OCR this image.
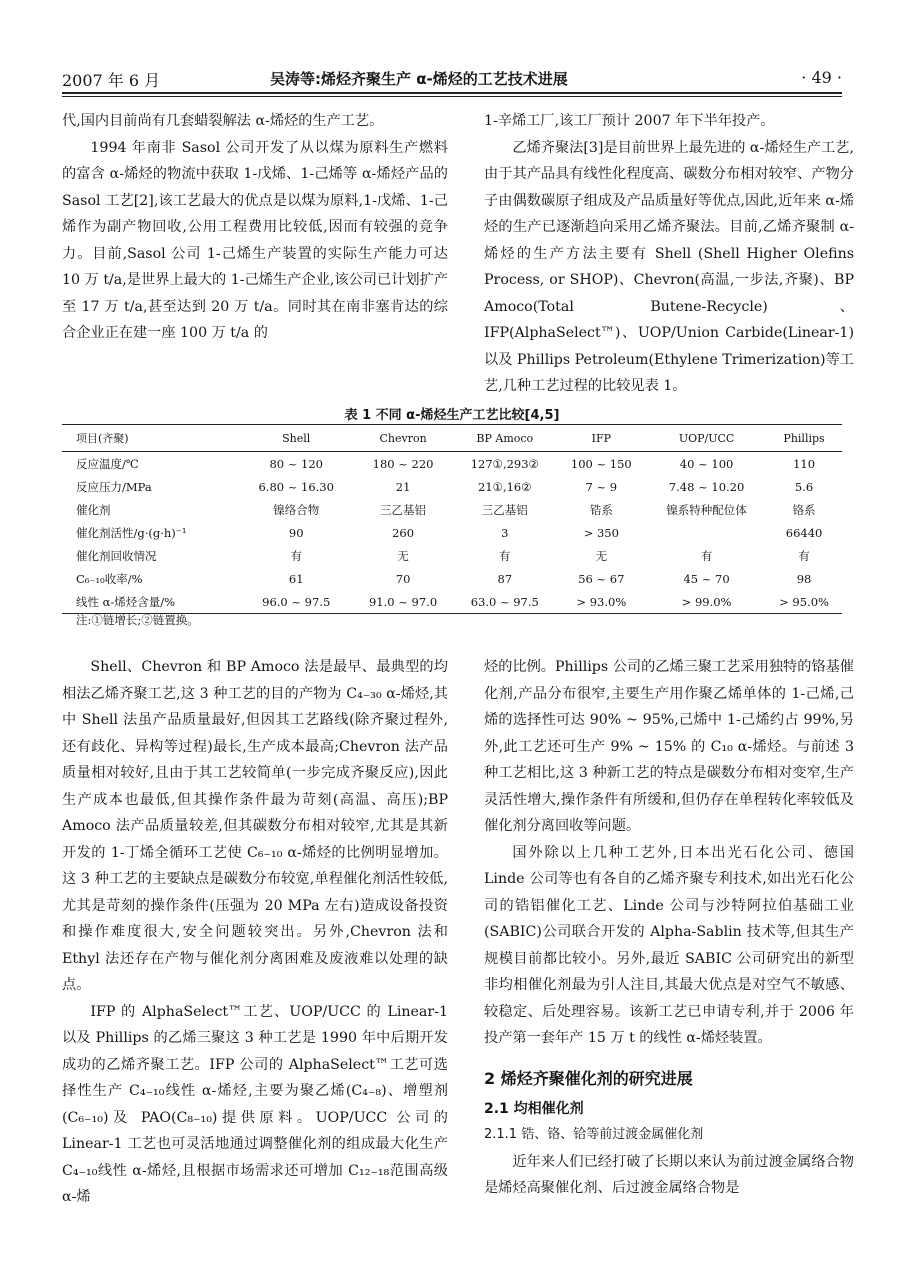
2007 年 6 月	吴涛等:烯烃齐聚生产 α-烯烃的工艺技术进展	· 49 ·

代,国内目前尚有几套蜡裂解法 α-烯烃的生产工艺。

1994 年南非 Sasol 公司开发了从以煤为原料生产燃料的富含 α-烯烃的物流中获取 1-戊烯、1-己烯等 α-烯烃产品的 Sasol 工艺[2],该工艺最大的优点是以煤为原料,1-戊烯、1-己烯作为副产物回收,公用工程费用比较低,因而有较强的竞争力。目前,Sasol 公司 1-己烯生产装置的实际生产能力可达 10 万 t/a,是世界上最大的 1-己烯生产企业,该公司已计划扩产至 17 万 t/a,甚至达到 20 万 t/a。同时其在南非塞肯达的综合企业正在建一座 100 万 t/a 的

1-辛烯工厂,该工厂预计 2007 年下半年投产。

乙烯齐聚法[3]是目前世界上最先进的 α-烯烃生产工艺,由于其产品具有线性化程度高、碳数分布相对较窄、产物分子由偶数碳原子组成及产品质量好等优点,因此,近年来 α-烯烃的生产已逐渐趋向采用乙烯齐聚法。目前,乙烯齐聚制 α-烯烃的生产方法主要有 Shell (Shell Higher Olefins Process, or SHOP)、Chevron(高温,一步法,齐聚)、BP Amoco(Total Butene-Recycle)、IFP(AlphaSelect™)、UOP/Union Carbide(Linear-1)以及 Phillips Petroleum(Ethylene Trimerization)等工艺,几种工艺过程的比较见表 1。

表 1 不同 α-烯烃生产工艺比较[4,5]
项目(齐聚)	Shell	Chevron	BP Amoco	IFP	UOP/UCC	Phillips
反应温度/℃	80 ~ 120	180 ~ 220	127①,293②	100 ~ 150	40 ~ 100	110
反应压力/MPa	6.80 ~ 16.30	21	21①,16②	7 ~ 9	7.48 ~ 10.20	5.6
催化剂	镍络合物	三乙基铝	三乙基铝	锆系	镍系特种配位体	铬系
催化剂活性/g·(g·h)⁻¹	90	260	3	> 350		66440
催化剂回收情况	有	无	有	无	有	有
C₆₋₁₀收率/%	61	70	87	56 ~ 67	45 ~ 70	98
线性 α-烯烃含量/%	96.0 ~ 97.5	91.0 ~ 97.0	63.0 ~ 97.5	> 93.0%	> 99.0%	> 95.0%
注:①链增长;②链置换。

Shell、Chevron 和 BP Amoco 法是最早、最典型的均相法乙烯齐聚工艺,这 3 种工艺的目的产物为 C₄₋₃₀ α-烯烃,其中 Shell 法虽产品质量最好,但因其工艺路线(除齐聚过程外,还有歧化、异构等过程)最长,生产成本最高;Chevron 法产品质量相对较好,且由于其工艺较简单(一步完成齐聚反应),因此生产成本也最低,但其操作条件最为苛刻(高温、高压);BP Amoco 法产品质量较差,但其碳数分布相对较窄,尤其是其新开发的 1-丁烯全循环工艺使 C₆₋₁₀ α-烯烃的比例明显增加。这 3 种工艺的主要缺点是碳数分布较宽,单程催化剂活性较低,尤其是苛刻的操作条件(压强为 20 MPa 左右)造成设备投资和操作难度很大,安全问题较突出。另外,Chevron 法和 Ethyl 法还存在产物与催化剂分离困难及废液难以处理的缺点。

IFP 的 AlphaSelect™工艺、UOP/UCC 的 Linear-1 以及 Phillips 的乙烯三聚这 3 种工艺是 1990 年中后期开发成功的乙烯齐聚工艺。IFP 公司的 AlphaSelect™工艺可选择性生产 C₄₋₁₀线性 α-烯烃,主要为聚乙烯(C₄₋₈)、增塑剂(C₆₋₁₀)及 PAO(C₈₋₁₀)提供原料。UOP/UCC 公司的 Linear-1 工艺也可灵活地通过调整催化剂的组成最大化生产 C₄₋₁₀线性 α-烯烃,且根据市场需求还可增加 C₁₂₋₁₈范围高级 α-烯

烃的比例。Phillips 公司的乙烯三聚工艺采用独特的铬基催化剂,产品分布很窄,主要生产用作聚乙烯单体的 1-己烯,己烯的选择性可达 90% ~ 95%,己烯中 1-己烯约占 99%,另外,此工艺还可生产 9% ~ 15% 的 C₁₀ α-烯烃。与前述 3 种工艺相比,这 3 种新工艺的特点是碳数分布相对变窄,生产灵活性增大,操作条件有所缓和,但仍存在单程转化率较低及催化剂分离回收等问题。

国外除以上几种工艺外,日本出光石化公司、德国 Linde 公司等也有各自的乙烯齐聚专利技术,如出光石化公司的锆铝催化工艺、Linde 公司与沙特阿拉伯基础工业(SABIC)公司联合开发的 Alpha-Sablin 技术等,但其生产规模目前都比较小。另外,最近 SABIC 公司研究出的新型非均相催化剂最为引人注目,其最大优点是对空气不敏感、较稳定、后处理容易。该新工艺已申请专利,并于 2006 年投产第一套年产 15 万 t 的线性 α-烯烃装置。

2 烯烃齐聚催化剂的研究进展

2.1 均相催化剂

2.1.1 锆、铬、铪等前过渡金属催化剂

近年来人们已经打破了长期以来认为前过渡金属络合物是烯烃高聚催化剂、后过渡金属络合物是
